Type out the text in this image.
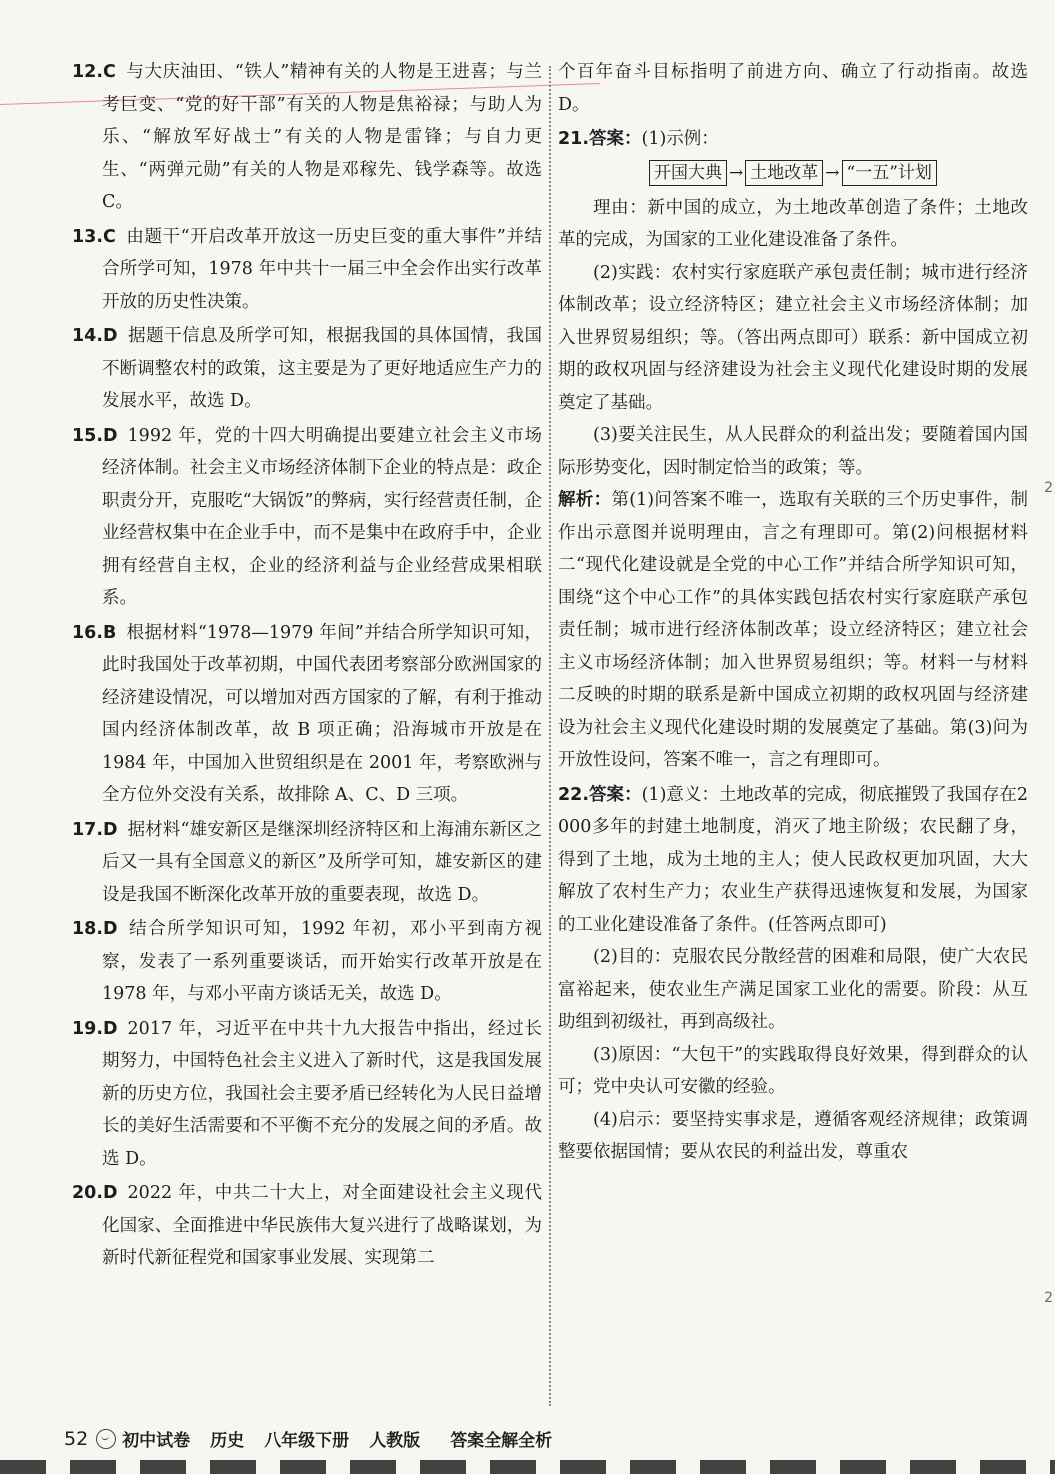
12.C 与大庆油田、“铁人”精神有关的人物是王进喜；与兰考巨变、“党的好干部”有关的人物是焦裕禄；与助人为乐、“解放军好战士”有关的人物是雷锋；与自力更生、“两弹元勋”有关的人物是邓稼先、钱学森等。故选 C。

13.C 由题干“开启改革开放这一历史巨变的重大事件”并结合所学可知，1978 年中共十一届三中全会作出实行改革开放的历史性决策。

14.D 据题干信息及所学可知，根据我国的具体国情，我国不断调整农村的政策，这主要是为了更好地适应生产力的发展水平，故选 D。

15.D 1992 年，党的十四大明确提出要建立社会主义市场经济体制。社会主义市场经济体制下企业的特点是：政企职责分开，克服吃“大锅饭”的弊病，实行经营责任制，企业经营权集中在企业手中，而不是集中在政府手中，企业拥有经营自主权，企业的经济利益与企业经营成果相联系。

16.B 根据材料“1978—1979 年间”并结合所学知识可知，此时我国处于改革初期，中国代表团考察部分欧洲国家的经济建设情况，可以增加对西方国家的了解，有利于推动国内经济体制改革，故 B 项正确；沿海城市开放是在 1984 年，中国加入世贸组织是在 2001 年，考察欧洲与全方位外交没有关系，故排除 A、C、D 三项。

17.D 据材料“雄安新区是继深圳经济特区和上海浦东新区之后又一具有全国意义的新区”及所学可知，雄安新区的建设是我国不断深化改革开放的重要表现，故选 D。

18.D 结合所学知识可知，1992 年初，邓小平到南方视察，发表了一系列重要谈话，而开始实行改革开放是在 1978 年，与邓小平南方谈话无关，故选 D。

19.D 2017 年，习近平在中共十九大报告中指出，经过长期努力，中国特色社会主义进入了新时代，这是我国发展新的历史方位，我国社会主要矛盾已经转化为人民日益增长的美好生活需要和不平衡不充分的发展之间的矛盾。故选 D。

20.D 2022 年，中共二十大上，对全面建设社会主义现代化国家、全面推进中华民族伟大复兴进行了战略谋划，为新时代新征程党和国家事业发展、实现第二

个百年奋斗目标指明了前进方向、确立了行动指南。故选 D。

21.答案：(1)示例：

开国大典 → 土地改革 → “一五”计划

理由：新中国的成立，为土地改革创造了条件；土地改革的完成，为国家的工业化建设准备了条件。

(2)实践：农村实行家庭联产承包责任制；城市进行经济体制改革；设立经济特区；建立社会主义市场经济体制；加入世界贸易组织；等。（答出两点即可）联系：新中国成立初期的政权巩固与经济建设为社会主义现代化建设时期的发展奠定了基础。

(3)要关注民生，从人民群众的利益出发；要随着国内国际形势变化，因时制定恰当的政策；等。

解析：第(1)问答案不唯一，选取有关联的三个历史事件，制作出示意图并说明理由，言之有理即可。第(2)问根据材料二“现代化建设就是全党的中心工作”并结合所学知识可知，围绕“这个中心工作”的具体实践包括农村实行家庭联产承包责任制；城市进行经济体制改革；设立经济特区；建立社会主义市场经济体制；加入世界贸易组织；等。材料一与材料二反映的时期的联系是新中国成立初期的政权巩固与经济建设为社会主义现代化建设时期的发展奠定了基础。第(3)问为开放性设问，答案不唯一，言之有理即可。

22.答案：(1)意义：土地改革的完成，彻底摧毁了我国存在2 000多年的封建土地制度，消灭了地主阶级；农民翻了身，得到了土地，成为土地的主人；使人民政权更加巩固，大大解放了农村生产力；农业生产获得迅速恢复和发展，为国家的工业化建设准备了条件。(任答两点即可)

(2)目的：克服农民分散经营的困难和局限，使广大农民富裕起来，使农业生产满足国家工业化的需要。阶段：从互助组到初级社，再到高级社。

(3)原因：“大包干”的实践取得良好效果，得到群众的认可；党中央认可安徽的经验。

(4)启示：要坚持实事求是，遵循客观经济规律；政策调整要依据国情；要从农民的利益出发，尊重农

2
2
52 初中试卷 历史 八年级下册 人教版 答案全解全析
